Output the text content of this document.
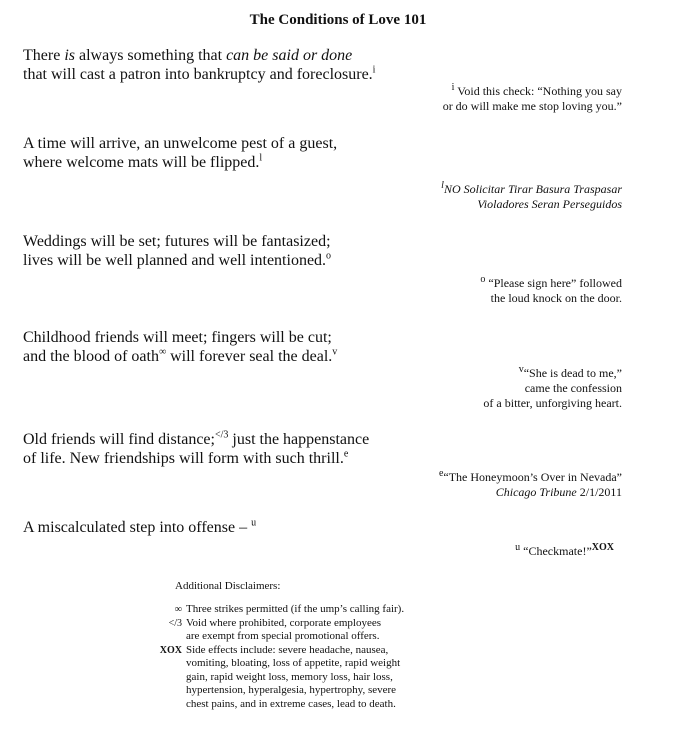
The Conditions of Love 101
There is always something that can be said or done
that will cast a patron into bankruptcy and foreclosure.$^i$
$^i$ Void this check: “Nothing you say
or do will make me stop loving you.”
A time will arrive, an unwelcome pest of a guest,
where welcome mats will be flipped.$^l$
$^l$NO Solicitar Tirar Basura Traspasar
Violadores Seran Perseguidos
Weddings will be set; futures will be fantasized;
lives will be well planned and well intentioned.$^o$
$^o$ “Please sign here” followed
the loud knock on the door.
Childhood friends will meet; fingers will be cut;
and the blood of oath∞ will forever seal the deal.$^v$
$^v$“She is dead to me,”
came the confession
of a bitter, unforgiving heart.
Old friends will find distance;$^{</3}$ just the happenstance
of life. New friendships will form with such thrill.$^e$
$^e$“The Honeymoon’s Over in Nevada”
Chicago Tribune 2/1/2011
A miscalculated step into offense – $^u$
$^u$ “Checkmate!”$^{XOX}$
Additional Disclaimers:
∞ Three strikes permitted (if the ump’s calling fair).
</3 Void where prohibited, corporate employees
are exempt from special promotional offers.
XOX Side effects include: severe headache, nausea,
vomiting, bloating, loss of appetite, rapid weight
gain, rapid weight loss, memory loss, hair loss,
hypertension, hyperalgesia, hypertrophy, severe
chest pains, and in extreme cases, lead to death.
